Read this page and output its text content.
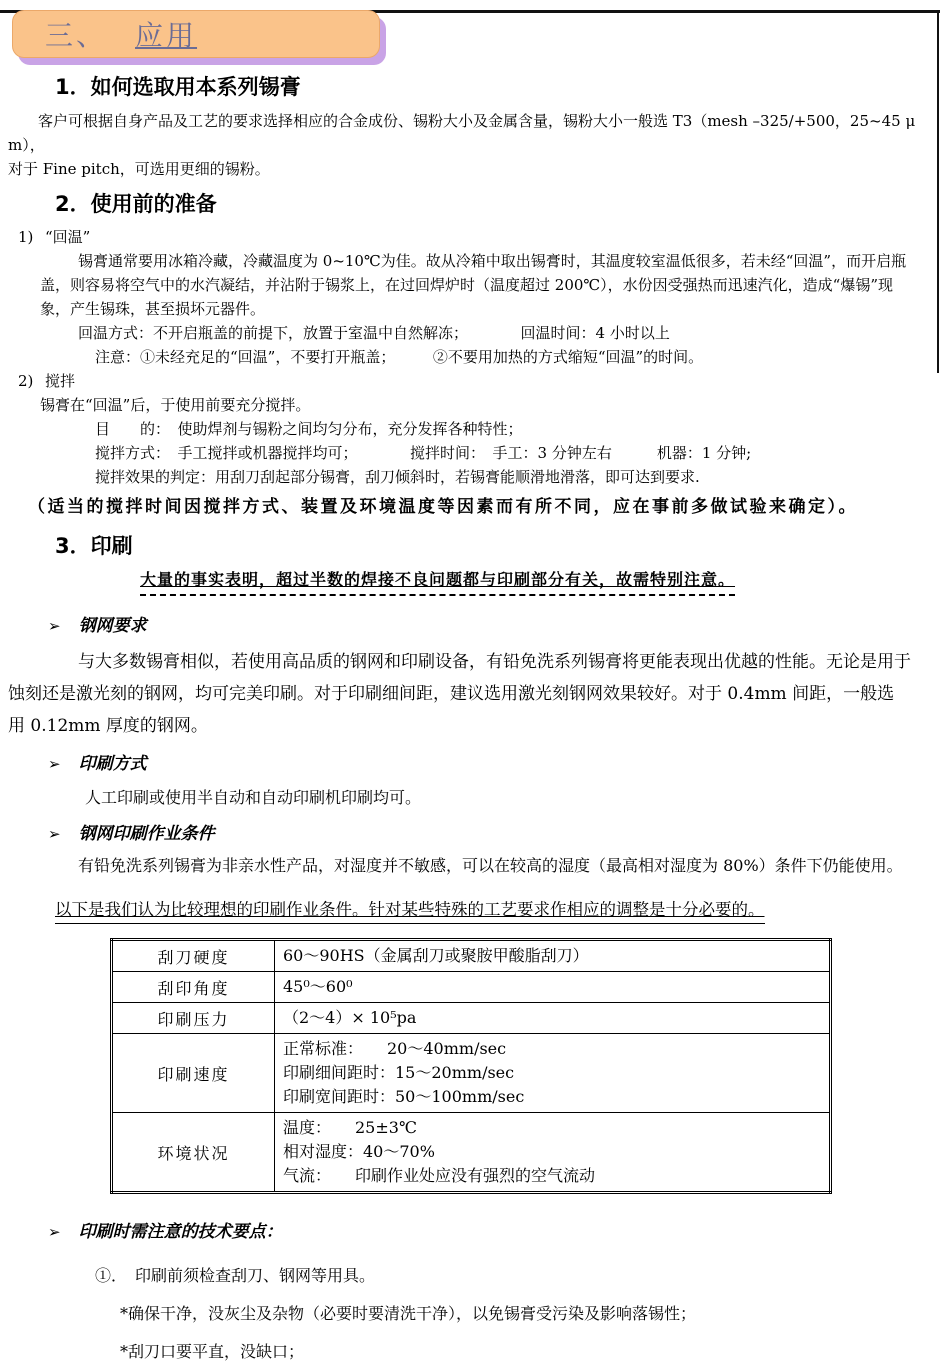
三、 应用
1．如何选取用本系列锡膏
客户可根据自身产品及工艺的要求选择相应的合金成份、锡粉大小及金属含量，锡粉大小一般选 T3（mesh –325/+500，25~45 μ m），
对于 Fine pitch，可选用更细的锡粉。
2．使用前的准备
1) “回温”
锡膏通常要用冰箱冷藏，冷藏温度为 0~10℃为佳。故从冷箱中取出锡膏时，其温度较室温低很多，若未经“回温”，而开启瓶
盖，则容易将空气中的水汽凝结，并沾附于锡浆上，在过回焊炉时（温度超过 200℃），水份因受强热而迅速汽化，造成“爆锡”现
象，产生锡珠，甚至损坏元器件。
回温方式：不开启瓶盖的前提下，放置于室温中自然解冻；　　　　回温时间：4 小时以上
注意：①未经充足的“回温”，不要打开瓶盖；　　　②不要用加热的方式缩短“回温”的时间。
2) 搅拌
锡膏在“回温”后，于使用前要充分搅拌。
目　　的：　使助焊剂与锡粉之间均匀分布，充分发挥各种特性；
搅拌方式：　手工搅拌或机器搅拌均可；　　　　搅拌时间：　手工：3 分钟左右　　　机器：1 分钟;
搅拌效果的判定：用刮刀刮起部分锡膏，刮刀倾斜时，若锡膏能顺滑地滑落，即可达到要求.
（适当的搅拌时间因搅拌方式、装置及环境温度等因素而有所不同，应在事前多做试验来确定）。
3．印刷
大量的事实表明，超过半数的焊接不良问题都与印刷部分有关，故需特别注意。
➢ 钢网要求
与大多数锡膏相似，若使用高品质的钢网和印刷设备，有铅免洗系列锡膏将更能表现出优越的性能。无论是用于
蚀刻还是激光刻的钢网，均可完美印刷。对于印刷细间距，建议选用激光刻钢网效果较好。对于 0.4mm 间距，一般选
用 0.12mm 厚度的钢网。
➢ 印刷方式
人工印刷或使用半自动和自动印刷机印刷均可。
➢ 钢网印刷作业条件
有铅免洗系列锡膏为非亲水性产品，对湿度并不敏感，可以在较高的湿度（最高相对湿度为 80%）条件下仍能使用。
以下是我们认为比较理想的印刷作业条件。针对某些特殊的工艺要求作相应的调整是十分必要的。
刮刀硬度	60～90HS（金属刮刀或聚胺甲酸脂刮刀）

刮印角度	45⁰～60⁰

印刷压力	（2～4）× 10⁵pa

印刷速度	正常标准：　　20～40mm/sec
印刷细间距时：15～20mm/sec
印刷宽间距时：50～100mm/sec

环境状况	温度：　　25±3℃
相对湿度：40～70%
气流：　　印刷作业处应没有强烈的空气流动
➢ 印刷时需注意的技术要点：
①．　印刷前须检查刮刀、钢网等用具。
*确保干净，没灰尘及杂物（必要时要清洗干净），以免锡膏受污染及影响落锡性；
*刮刀口要平直，没缺口；
